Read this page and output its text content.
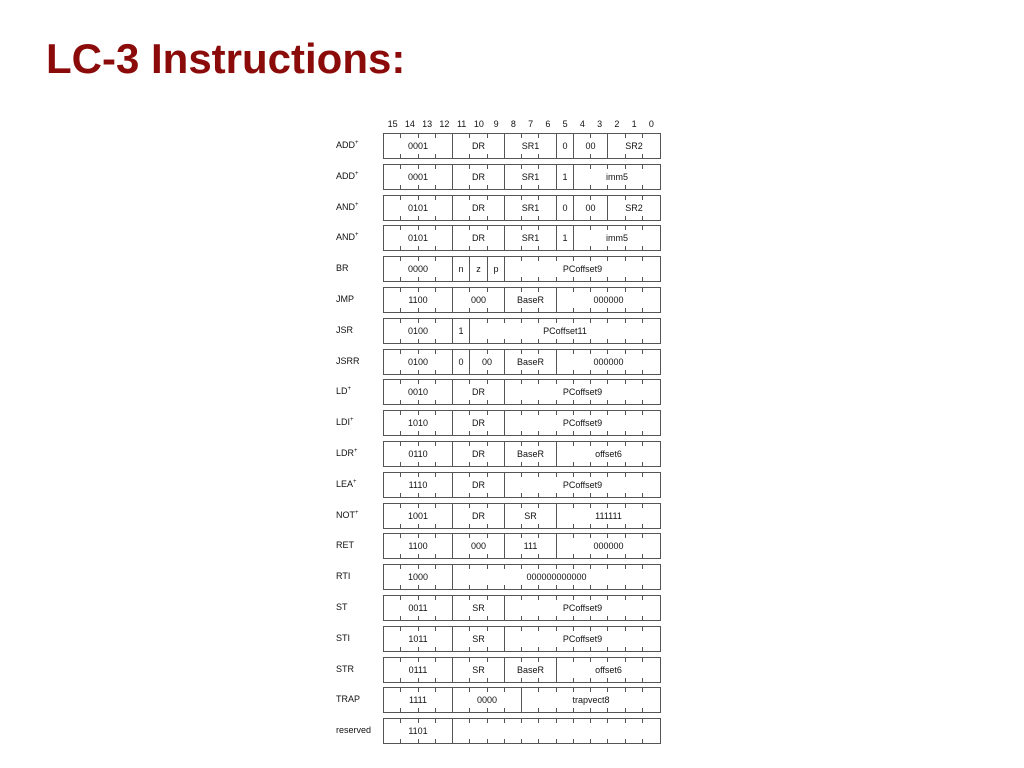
LC-3 Instructions:
15 14 13 12 11 10	9	8	7	6	5	4	3	2	1	0
ADD+	0001	DR	SR1	0	00	SR2
ADD+	0001	DR	SR1	1	imm5
AND+	0101	DR	SR1	0	00	SR2
AND+	0101	DR	SR1	1	imm5
BR	0000	n	z	p	PCoffset9
JMP	1100	000	BaseR	000000
JSR	0100	1	PCoffset11
JSRR	0100	0	00	BaseR	000000
LD+	0010	DR	PCoffset9
LDI+	1010	DR	PCoffset9
LDR+	0110	DR	BaseR	offset6
LEA+	1110	DR	PCoffset9
NOT+	1001	DR	SR	111111
RET	1100	000	111	000000
RTI	1000	000000000000
ST	0011	SR	PCoffset9
STI	1011	SR	PCoffset9
STR	0111	SR	BaseR	offset6
TRAP	1111	0000	trapvect8
reserved	1101
